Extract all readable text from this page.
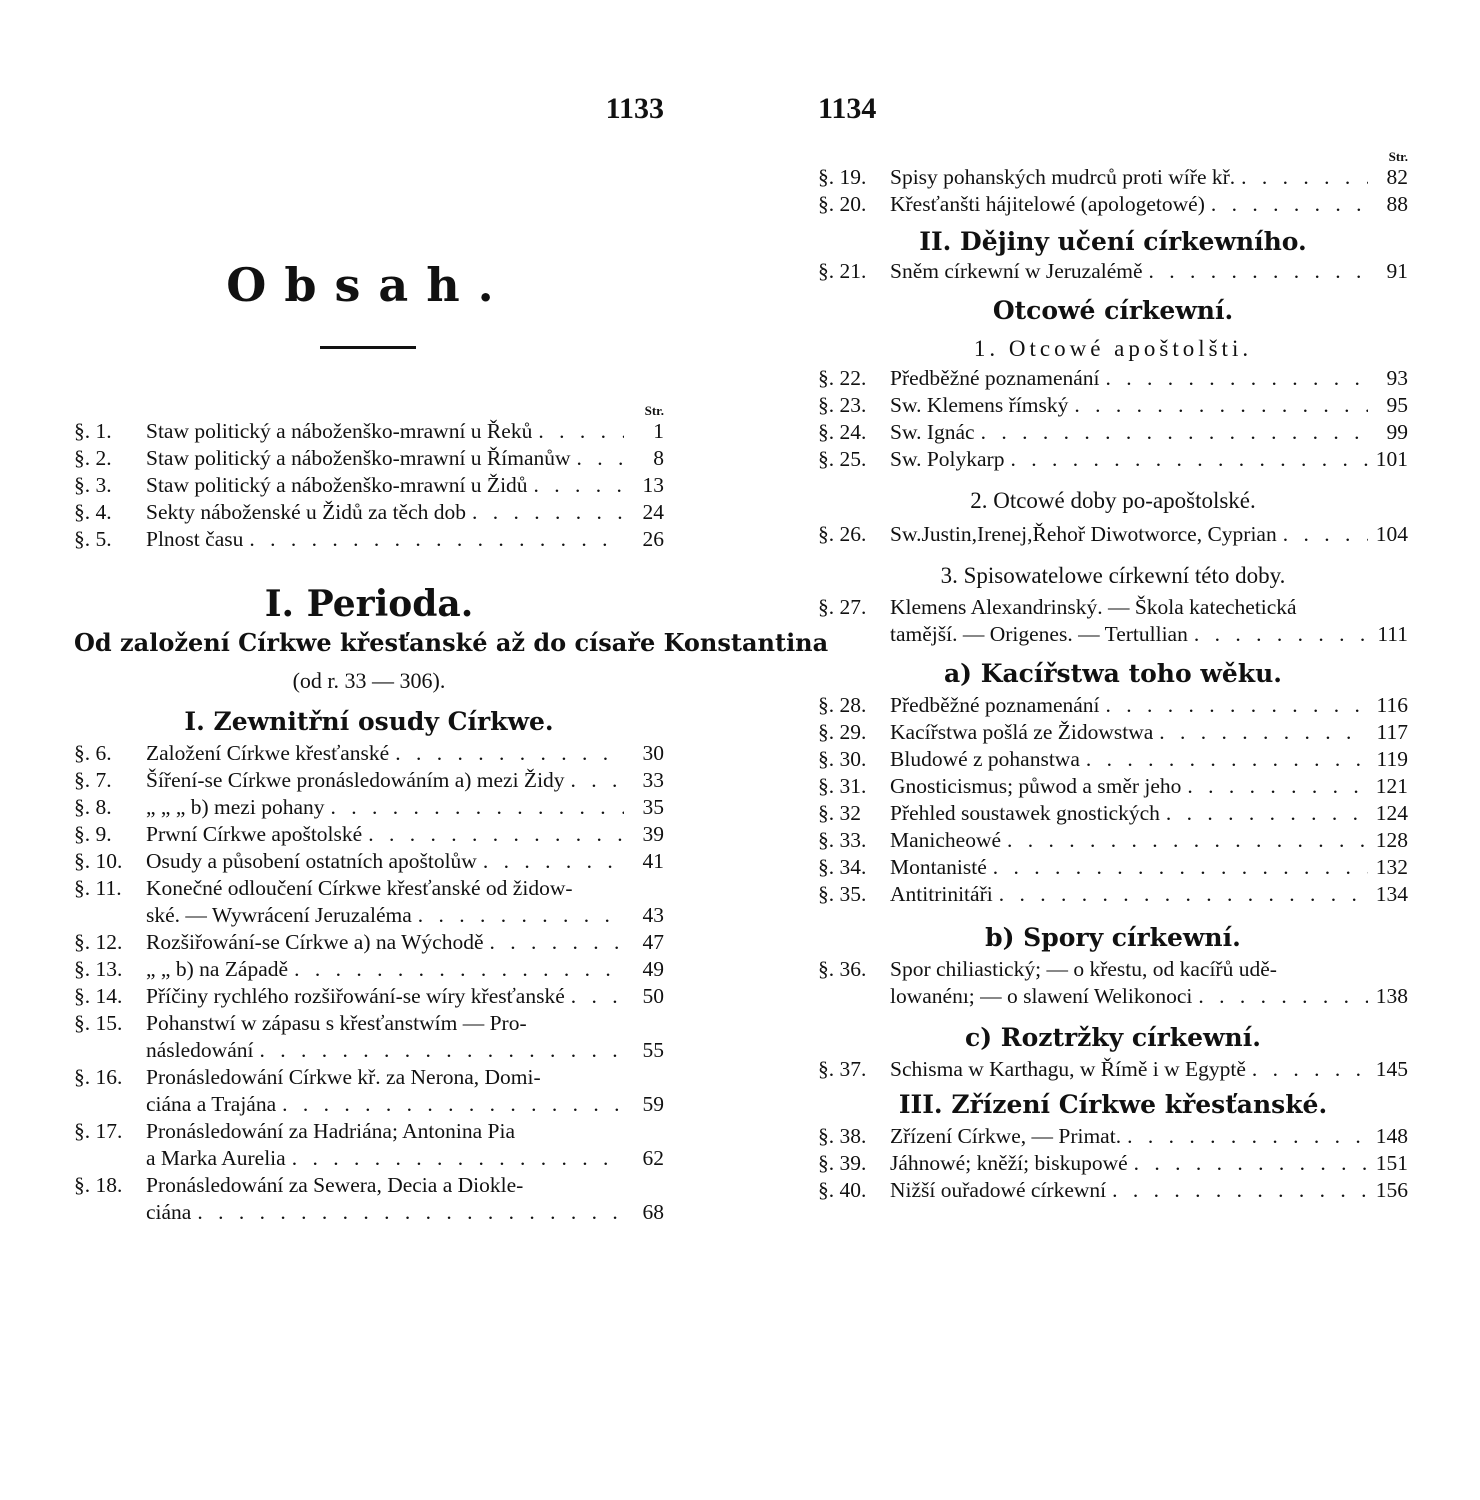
1133
Obsah.
Str.
§. 1.	Staw politický a náboženško-mrawní u Řeků . . .	1
§. 2.	Staw politický a náboženško-mrawní u Římanůw . . .	8
§. 3.	Staw politický a náboženško-mrawní u Židů . . .	13
§. 4.	Sekty náboženské u Židů za těch dob . . .	24
§. 5.	Plnost času . . .	26
I. Perioda.
Od založení Církwe křesťanské až do císaře Konstantina
(od r. 33 — 306).
I. Zewnitřní osudy Církwe.
§. 6.	Založení Církwe křesťanské . . .	30
§. 7.	Šíření-se Církwe pronásledowáním a) mezi Židy . . .	33
§. 8.	„ „ „ b) mezi pohany . . .	35
§. 9.	Prwní Církwe apoštolské . . .	39
§. 10.	Osudy a působení ostatních apoštolůw . . .	41
§. 11.	Konečné odloučení Církwe křesťanské od židow-
ské. — Wywrácení Jeruzaléma . . .	43
§. 12.	Rozšiřowání-se Církwe a) na Wýchodě . . .	47
§. 13.	„ „ b) na Západě . . .	49
§. 14.	Příčiny rychlého rozšiřowání-se wíry křesťanské . . .	50
§. 15.	Pohanstwí w zápasu s křesťanstwím — Pro-
následowání . . .	55
§. 16.	Pronásledowání Církwe kř. za Nerona, Domi-
ciána a Trajána . . .	59
§. 17.	Pronásledowání za Hadriána; Antonina Pia
a Marka Aurelia . . .	62
§. 18.	Pronásledowání za Sewera, Decia a Diokle-
ciána . . .	68
1134
Str.
§. 19.	Spisy pohanských mudrců proti wíře kř. . . .	82
§. 20.	Křesťanšti hájitelowé (apologetowé) . . .	88
II. Dějiny učení církewního.
§. 21.	Sněm církewní w Jeruzalémě . . .	91
Otcowé církewní.
1. Otcowé apoštolšti.
§. 22.	Předběžné poznamenání . . .	93
§. 23.	Sw. Klemens římský . . .	95
§. 24.	Sw. Ignác . . .	99
§. 25.	Sw. Polykarp . . .	101
2. Otcowé doby po-apoštolské.
§. 26.	Sw.Justin,Irenej,Řehoř Diwotworce, Cyprian . . .	104
3. Spisowatelowe církewní této doby.
§. 27.	Klemens Alexandrinský. — Škola katechetická
tamější. — Origenes. — Tertullian . . .	111
a) Kacířstwa toho wěku.
§. 28.	Předběžné poznamenání . . .	116
§. 29.	Kacířstwa pošlá ze Židowstwa . . .	117
§. 30.	Bludowé z pohanstwa . . .	119
§. 31.	Gnosticismus; půwod a směr jeho . . .	121
§. 32	Přehled soustawek gnostických . . .	124
§. 33.	Manicheowé . . .	128
§. 34.	Montanisté . . .	132
§. 35.	Antitrinitáři . . .	134
b) Spory církewní.
§. 36.	Spor chiliastický; — o křestu, od kacířů udě-
lowanénı; — o slawení Welikonoci . . .	138
c) Roztržky církewní.
§. 37.	Schisma w Karthagu, w Římě i w Egyptě . . .	145
III. Zřízení Církwe křesťanské.
§. 38.	Zřízení Církwe, — Primat. . . .	148
§. 39.	Jáhnowé; kněží; biskupowé . . .	151
§. 40.	Nižší ouřadowé církewní . . .	156
